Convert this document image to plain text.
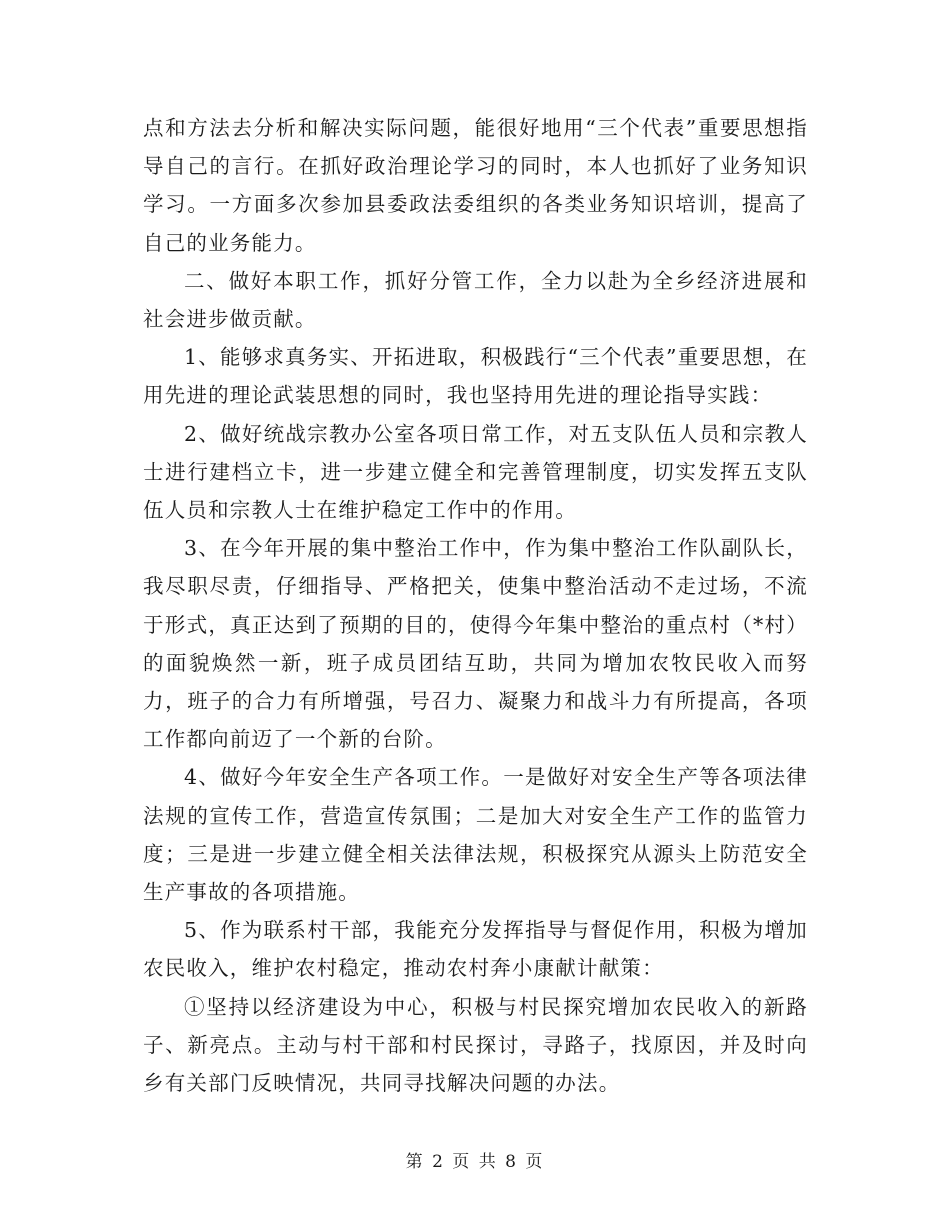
点和方法去分析和解决实际问题，能很好地用“三个代表”重要思想指导自己的言行。在抓好政治理论学习的同时，本人也抓好了业务知识学习。一方面多次参加县委政法委组织的各类业务知识培训，提高了自己的业务能力。

二、做好本职工作，抓好分管工作，全力以赴为全乡经济进展和社会进步做贡献。

1、能够求真务实、开拓进取，积极践行“三个代表”重要思想，在用先进的理论武装思想的同时，我也坚持用先进的理论指导实践：

2、做好统战宗教办公室各项日常工作，对五支队伍人员和宗教人士进行建档立卡，进一步建立健全和完善管理制度，切实发挥五支队伍人员和宗教人士在维护稳定工作中的作用。

3、在今年开展的集中整治工作中，作为集中整治工作队副队长，我尽职尽责，仔细指导、严格把关，使集中整治活动不走过场，不流于形式，真正达到了预期的目的，使得今年集中整治的重点村（*村）的面貌焕然一新，班子成员团结互助，共同为增加农牧民收入而努力，班子的合力有所增强，号召力、凝聚力和战斗力有所提高，各项工作都向前迈了一个新的台阶。

4、做好今年安全生产各项工作。一是做好对安全生产等各项法律法规的宣传工作，营造宣传氛围；二是加大对安全生产工作的监管力度；三是进一步建立健全相关法律法规，积极探究从源头上防范安全生产事故的各项措施。

5、作为联系村干部，我能充分发挥指导与督促作用，积极为增加农民收入，维护农村稳定，推动农村奔小康献计献策：

①坚持以经济建设为中心，积极与村民探究增加农民收入的新路子、新亮点。主动与村干部和村民探讨，寻路子，找原因，并及时向乡有关部门反映情况，共同寻找解决问题的办法。

第 2 页 共 8 页
